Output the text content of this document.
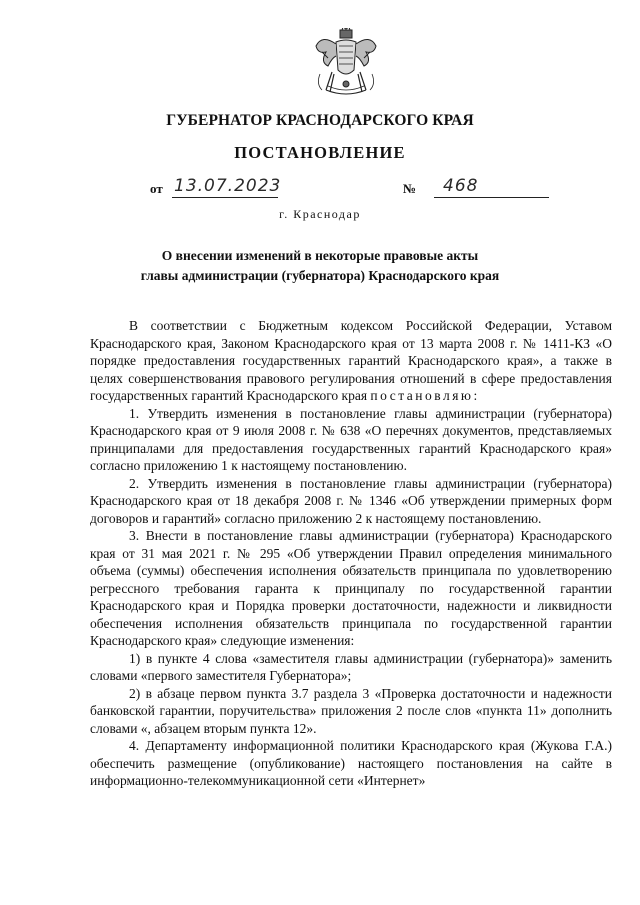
ГУБЕРНАТОР КРАСНОДАРСКОГО КРАЯ
ПОСТАНОВЛЕНИЕ
от 13.07.2023	№ 468
г. Краснодар
О внесении изменений в некоторые правовые акты
главы администрации (губернатора) Краснодарского края

В соответствии с Бюджетным кодексом Российской Федерации, Уставом Краснодарского края, Законом Краснодарского края от 13 марта 2008 г. № 1411-КЗ «О порядке предоставления государственных гарантий Краснодарского края», а также в целях совершенствования правового регулирования отношений в сфере предоставления государственных гарантий Краснодарского края постановляю:

1. Утвердить изменения в постановление главы администрации (губернатора) Краснодарского края от 9 июля 2008 г. № 638 «О перечнях документов, представляемых принципалами для предоставления государственных гарантий Краснодарского края» согласно приложению 1 к настоящему постановлению.

2. Утвердить изменения в постановление главы администрации (губернатора) Краснодарского края от 18 декабря 2008 г. № 1346 «Об утверждении примерных форм договоров и гарантий» согласно приложению 2 к настоящему постановлению.

3. Внести в постановление главы администрации (губернатора) Краснодарского края от 31 мая 2021 г. № 295 «Об утверждении Правил определения минимального объема (суммы) обеспечения исполнения обязательств принципала по удовлетворению регрессного требования гаранта к принципалу по государственной гарантии Краснодарского края и Порядка проверки достаточности, надежности и ликвидности обеспечения исполнения обязательств принципала по государственной гарантии Краснодарского края» следующие изменения:

1) в пункте 4 слова «заместителя главы администрации (губернатора)» заменить словами «первого заместителя Губернатора»;

2) в абзаце первом пункта 3.7 раздела 3 «Проверка достаточности и надежности банковской гарантии, поручительства» приложения 2 после слов «пункта 11» дополнить словами «, абзацем вторым пункта 12».

4. Департаменту информационной политики Краснодарского края (Жукова Г.А.) обеспечить размещение (опубликование) настоящего постановления на сайте в информационно-телекоммуникационной сети «Интернет»
